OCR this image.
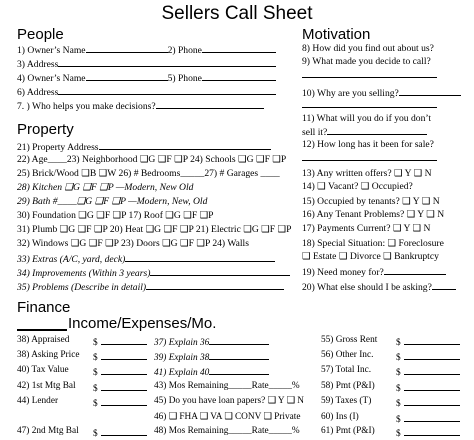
Sellers Call Sheet
People
1) Owner’s Name	2) Phone
3) Address
4) Owner’s Name	5) Phone
6) Address
7. ) Who helps you make decisions?
Property
21) Property Address
22) Age____23) Neighborhood ❑G ❑F ❑P 24) Schools ❑G ❑F ❑P
25) Brick/Wood ❑B ❑W 26) # Bedrooms_____27) # Garages ____
28) Kitchen ❑G ❑F ❑P —Modern, New Old
29) Bath #____❑G ❑F ❑P —Modern, New, Old
30) Foundation ❑G ❑F ❑P 17) Roof ❑G ❑F ❑P
31) Plumb ❑G ❑F ❑P 20) Heat ❑G ❑F ❑P 21) Electric ❑G ❑F ❑P
32) Windows ❑G ❑F ❑P 23) Doors ❑G ❑F ❑P 24) Walls
33) Extras (A/C, yard, deck)
34) Improvements (Within 3 years)
35) Problems (Describe in detail)
Motivation
8) How did you find out about us?
9) What made you decide to call?
10) Why are you selling?
11) What will you do if you don’t
sell it?
12) How long has it been for sale?
13) Any written offers? ❑ Y ❑ N
14) ❑ Vacant? ❑ Occupied?
15) Occupied by tenants? ❑ Y ❑ N
16) Any Tenant Problems? ❑ Y ❑ N
17) Payments Current? ❑ Y ❑ N
18) Special Situation: ❑ Foreclosure
❑ Estate ❑ Divorce ❑ Bankruptcy
19) Need money for?
20) What else should I be asking?
Finance
Income/Expenses/Mo.
38) Appraised	$	37) Explain 36	55) Gross Rent $
38) Asking Price $	39) Explain 38	56) Other Inc. $
40) Tax Value	$	41) Explain 40	57) Total Inc.	$
42) 1st Mtg Bal $	43) Mos Remaining_____Rate_____% 58) Pmt (P&I) $
44) Lender	$	45) Do you have loan papers? ❑ Y ❑ N 59) Taxes (T)	$
46) ❑ FHA ❑ VA ❑ CONV ❑ Private 60) Ins (I)	$
47) 2nd Mtg Bal $	48) Mos Remaining_____Rate_____% 61) Pmt (P&I) $
